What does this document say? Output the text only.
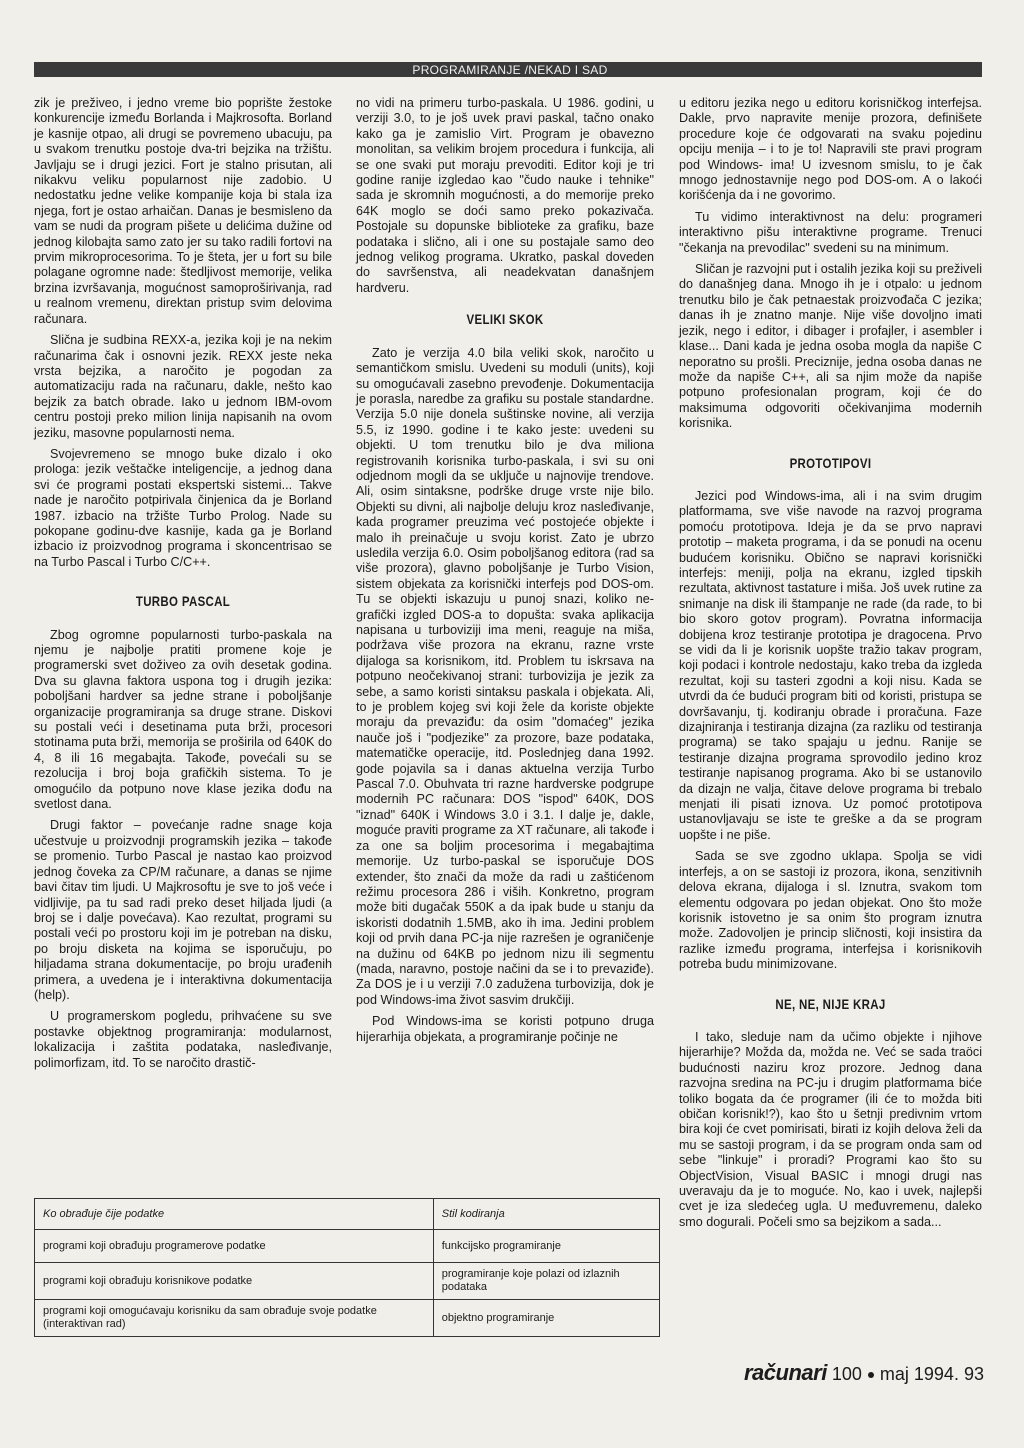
PROGRAMIRANJE /NEKAD I SAD

zik je preživeo, i jedno vreme bio poprište žestoke konkurencije između Borlanda i Majkrosofta. Borland je kasnije otpao, ali drugi se povremeno ubacuju, pa u svakom trenutku postoje dva-tri bejzika na tržištu. Javljaju se i drugi jezici. Fort je stalno prisutan, ali nikakvu veliku popularnost nije zadobio. U nedostatku jedne velike kompanije koja bi stala iza njega, fort je ostao arhaičan. Danas je besmisleno da vam se nudi da program pišete u delićima dužine od jednog kilobajta samo zato jer su tako radili fortovi na prvim mikroprocesorima. To je šteta, jer u fort su bile polagane ogromne nade: štedljivost memorije, velika brzina izvršavanja, mogućnost samoproširivanja, rad u realnom vremenu, direktan pristup svim delovima računara.

Slična je sudbina REXX-a, jezika koji je na nekim računarima čak i osnovni jezik. REXX jeste neka vrsta bejzika, a naročito je pogodan za automatizaciju rada na računaru, dakle, nešto kao bejzik za batch obrade. Iako u jednom IBM-ovom centru postoji preko milion linija napisanih na ovom jeziku, masovne popularnosti nema.

Svojevremeno se mnogo buke dizalo i oko prologa: jezik veštačke inteligencije, a jednog dana svi će programi postati ekspertski sistemi... Takve nade je naročito potpirivala činjenica da je Borland 1987. izbacio na tržište Turbo Prolog. Nade su pokopane godinu-dve kasnije, kada ga je Borland izbacio iz proizvodnog programa i skoncentrisao se na Turbo Pascal i Turbo C/C++.

TURBO PASCAL

Zbog ogromne popularnosti turbo-paskala na njemu je najbolje pratiti promene koje je programerski svet doživeo za ovih desetak godina. Dva su glavna faktora uspona tog i drugih jezika: poboljšani hardver sa jedne strane i poboljšanje organizacije programiranja sa druge strane. Diskovi su postali veći i desetinama puta brži, procesori stotinama puta brži, memorija se proširila od 640K do 4, 8 ili 16 megabajta. Takođe, povećali su se rezolucija i broj boja grafičkih sistema. To je omogućilo da potpuno nove klase jezika dođu na svetlost dana.

Drugi faktor – povećanje radne snage koja učestvuje u proizvodnji programskih jezika – takođe se promenio. Turbo Pascal je nastao kao proizvod jednog čoveka za CP/M računare, a danas se njime bavi čitav tim ljudi. U Majkrosoftu je sve to još veće i vidljivije, pa tu sad radi preko deset hiljada ljudi (a broj se i dalje povećava). Kao rezultat, programi su postali veći po prostoru koji im je potreban na disku, po broju disketa na kojima se isporučuju, po hiljadama strana dokumentacije, po broju urađenih primera, a uvedena je i interaktivna dokumentacija (help).

U programerskom pogledu, prihvaćene su sve postavke objektnog programiranja: modularnost, lokalizacija i zaštita podataka, nasleđivanje, polimorfizam, itd. To se naročito drastič-

no vidi na primeru turbo-paskala. U 1986. godini, u verziji 3.0, to je još uvek pravi paskal, tačno onako kako ga je zamislio Virt. Program je obavezno monolitan, sa velikim brojem procedura i funkcija, ali se one svaki put moraju prevoditi. Editor koji je tri godine ranije izgledao kao "čudo nauke i tehnike" sada je skromnih mogućnosti, a do memorije preko 64K moglo se doći samo preko pokazivača. Postojale su dopunske biblioteke za grafiku, baze podataka i slično, ali i one su postajale samo deo jednog velikog programa. Ukratko, paskal doveden do savršenstva, ali neadekvatan današnjem hardveru.

VELIKI SKOK

Zato je verzija 4.0 bila veliki skok, naročito u semantičkom smislu. Uvedeni su moduli (units), koji su omogućavali zasebno prevođenje. Dokumentacija je porasla, naredbe za grafiku su postale standardne. Verzija 5.0 nije donela suštinske novine, ali verzija 5.5, iz 1990. godine i te kako jeste: uvedeni su objekti. U tom trenutku bilo je dva miliona registrovanih korisnika turbo-paskala, i svi su oni odjednom mogli da se uključe u najnovije trendove. Ali, osim sintaksne, podrške druge vrste nije bilo. Objekti su divni, ali najbolje deluju kroz nasleđivanje, kada programer preuzima već postojeće objekte i malo ih preinačuje u svoju korist. Zato je ubrzo usledila verzija 6.0. Osim poboljšanog editora (rad sa više prozora), glavno poboljšanje je Turbo Vision, sistem objekata za korisnički interfejs pod DOS-om. Tu se objekti iskazuju u punoj snazi, koliko ne-grafički izgled DOS-a to dopušta: svaka aplikacija napisana u turboviziji ima meni, reaguje na miša, podržava više prozora na ekranu, razne vrste dijaloga sa korisnikom, itd. Problem tu iskrsava na potpuno neočekivanoj strani: turbovizija je jezik za sebe, a samo koristi sintaksu paskala i objekata. Ali, to je problem kojeg svi koji žele da koriste objekte moraju da prevaziđu: da osim "domaćeg" jezika nauče još i "podjezike" za prozore, baze podataka, matematičke operacije, itd. Poslednjeg dana 1992. gode pojavila sa i danas aktuelna verzija Turbo Pascal 7.0. Obuhvata tri razne hardverske podgrupe modernih PC računara: DOS "ispod" 640K, DOS "iznad" 640K i Windows 3.0 i 3.1. I dalje je, dakle, moguće praviti programe za XT računare, ali takođe i za one sa boljim procesorima i megabajtima memorije. Uz turbo-paskal se isporučuje DOS extender, što znači da može da radi u zaštićenom režimu procesora 286 i viših. Konkretno, program može biti dugačak 550K a da ipak bude u stanju da iskoristi dodatnih 1.5MB, ako ih ima. Jedini problem koji od prvih dana PC-ja nije razrešen je ograničenje na dužinu od 64KB po jednom nizu ili segmentu (mada, naravno, postoje načini da se i to prevaziđe). Za DOS je i u verziji 7.0 zadužena turbovizija, dok je pod Windows-ima život sasvim drukčiji.

Pod Windows-ima se koristi potpuno druga hijerarhija objekata, a programiranje počinje ne

u editoru jezika nego u editoru korisničkog interfejsa. Dakle, prvo napravite menije prozora, definišete procedure koje će odgovarati na svaku pojedinu opciju menija – i to je to! Napravili ste pravi program pod Windows- ima! U izvesnom smislu, to je čak mnogo jednostavnije nego pod DOS-om. A o lakoći korišćenja da i ne govorimo.

Tu vidimo interaktivnost na delu: programeri interaktivno pišu interaktivne programe. Trenuci "čekanja na prevodilac" svedeni su na minimum.

Sličan je razvojni put i ostalih jezika koji su preživeli do današnjeg dana. Mnogo ih je i otpalo: u jednom trenutku bilo je čak petnaestak proizvođača C jezika; danas ih je znatno manje. Nije više dovoljno imati jezik, nego i editor, i dibager i profajler, i asembler i klase... Dani kada je jedna osoba mogla da napiše C neporatno su prošli. Preciznije, jedna osoba danas ne može da napiše C++, ali sa njim može da napiše potpuno profesionalan program, koji će do maksimuma odgovoriti očekivanjima modernih korisnika.

PROTOTIPOVI

Jezici pod Windows-ima, ali i na svim drugim platformama, sve više navode na razvoj programa pomoću prototipova. Ideja je da se prvo napravi prototip – maketa programa, i da se ponudi na ocenu budućem korisniku. Obično se napravi korisnički interfejs: meniji, polja na ekranu, izgled tipskih rezultata, aktivnost tastature i miša. Još uvek rutine za snimanje na disk ili štampanje ne rade (da rade, to bi bio skoro gotov program). Povratna informacija dobijena kroz testiranje prototipa je dragocena. Prvo se vidi da li je korisnik uopšte tražio takav program, koji podaci i kontrole nedostaju, kako treba da izgleda rezultat, koji su tasteri zgodni a koji nisu. Kada se utvrdi da će budući program biti od koristi, pristupa se dovršavanju, tj. kodiranju obrade i proračuna. Faze dizajniranja i testiranja dizajna (za razliku od testiranja programa) se tako spajaju u jednu. Ranije se testiranje dizajna programa sprovodilo jedino kroz testiranje napisanog programa. Ako bi se ustanovilo da dizajn ne valja, čitave delove programa bi trebalo menjati ili pisati iznova. Uz pomoć prototipova ustanovljavaju se iste te greške a da se program uopšte i ne piše.

Sada se sve zgodno uklapa. Spolja se vidi interfejs, a on se sastoji iz prozora, ikona, senzitivnih delova ekrana, dijaloga i sl. Iznutra, svakom tom elementu odgovara po jedan objekat. Ono što može korisnik istovetno je sa onim što program iznutra može. Zadovoljen je princip sličnosti, koji insistira da razlike između programa, interfejsa i korisnikovih potreba budu minimizovane.

NE, NE, NIJE KRAJ

I tako, sleduje nam da učimo objekte i njihove hijerarhije? Možda da, možda ne. Već se sada traöci budućnosti naziru kroz prozore. Jednog dana razvojna sredina na PC-ju i drugim platformama biće toliko bogata da će programer (ili će to možda biti običan korisnik!?), kao što u šetnji predivnim vrtom bira koji će cvet pomirisati, birati iz kojih delova želi da mu se sastoji program, i da se program onda sam od sebe "linkuje" i proradi? Programi kao što su ObjectVision, Visual BASIC i mnogi drugi nas uveravaju da je to moguće. No, kao i uvek, najlepši cvet je iza sledećeg ugla. U međuvremenu, daleko smo dogurali. Počeli smo sa bejzikom a sada...

Ko obrađuje čije podatke	Stil kodiranja
programi koji obrađuju programerove podatke	funkcijsko programiranje
programi koji obrađuju korisnikove podatke	programiranje koje polazi od izlaznih podataka
programi koji omogućavaju korisniku da sam obrađuje svoje podatke (interaktivan rad)	objektno programiranje
računari 100 maj 1994. 93
